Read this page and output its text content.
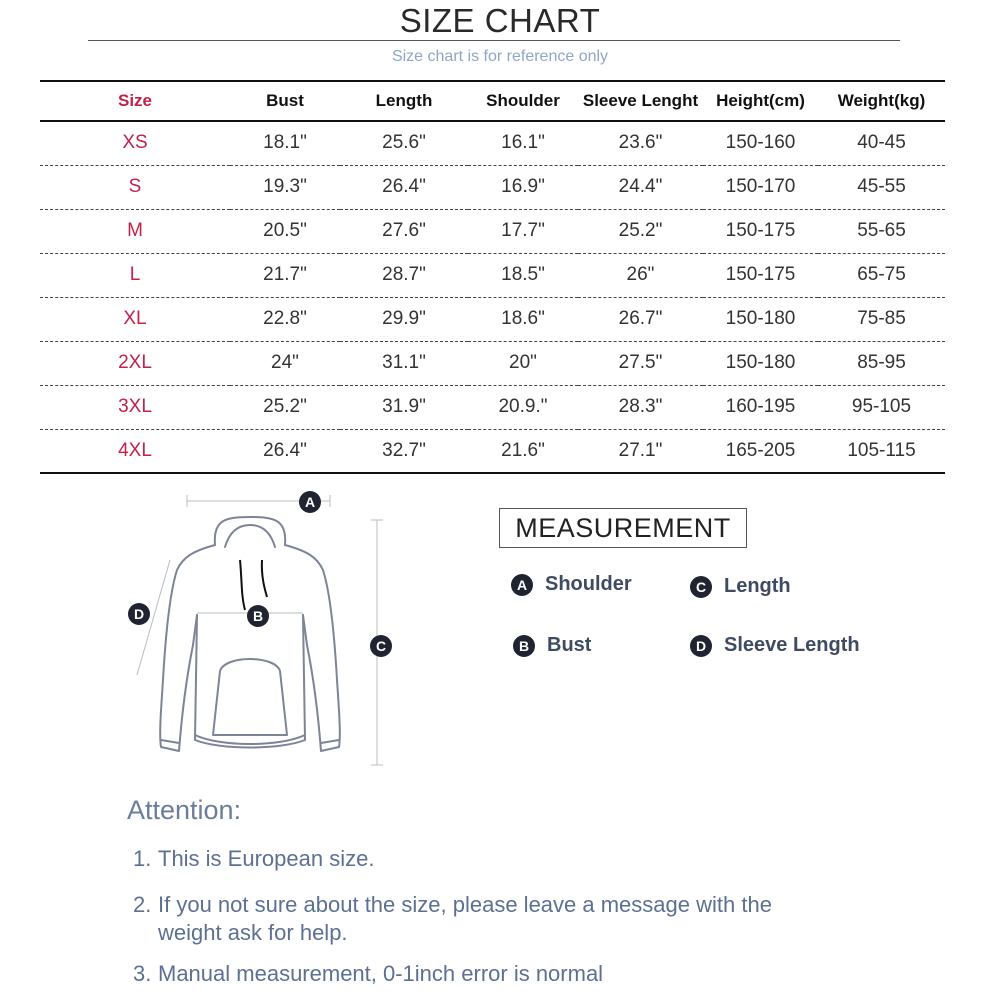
SIZE CHART
Size chart is for reference only
Size	Bust	Length	Shoulder	Sleeve Lenght	Height(cm)	Weight(kg)
XS	18.1"	25.6"	16.1"	23.6"	150-160	40-45
S	19.3"	26.4"	16.9"	24.4"	150-170	45-55
M	20.5"	27.6"	17.7"	25.2"	150-175	55-65
L	21.7"	28.7"	18.5"	26"	150-175	65-75
XL	22.8"	29.9"	18.6"	26.7"	150-180	75-85
2XL	24"	31.1"	20"	27.5"	150-180	85-95
3XL	25.2"	31.9"	20.9."	28.3"	160-195	95-105
4XL	26.4"	32.7"	21.6"	27.1"	165-205	105-115
A
B
C
D
MEASUREMENT
A Shoulder	C Length
B Bust	D Sleeve Length
Attention:
1. This is European size.
2. If you not sure about the size, please leave a message with the
weight ask for help.
3. Manual measurement, 0-1inch error is normal
